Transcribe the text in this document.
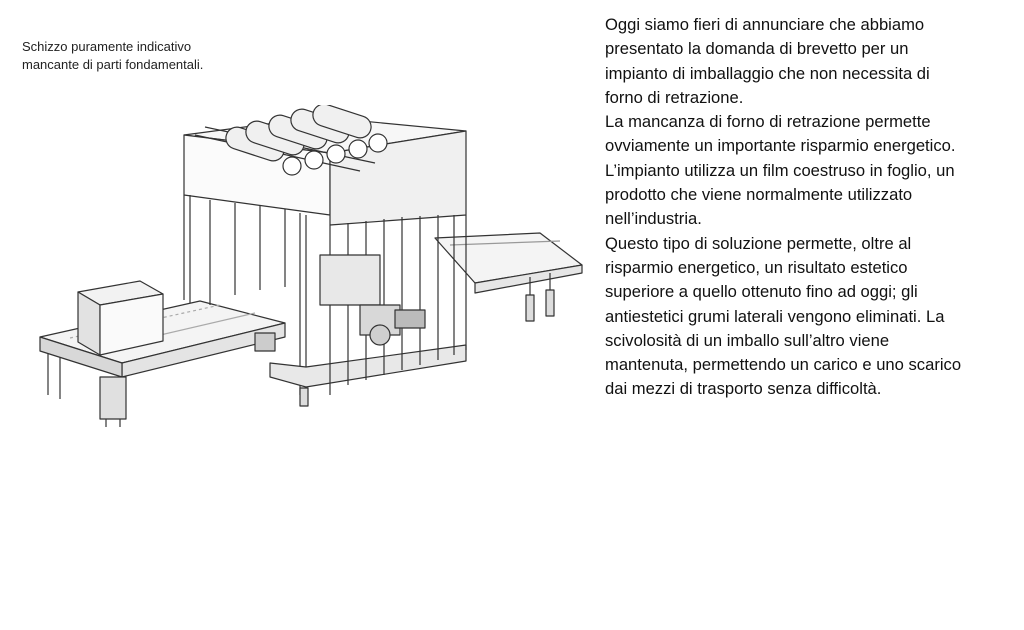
Schizzo puramente indicativo
mancante di parti fondamentali.
Oggi siamo fieri di annunciare che abbiamo
presentato la domanda di brevetto per un
impianto di imballaggio che non necessita di
forno di retrazione.
La mancanza di forno di retrazione permette
ovviamente un importante risparmio energetico.
L’impianto utilizza un film coestruso in foglio, un
prodotto che viene normalmente utilizzato
nell’industria.
Questo tipo di soluzione permette, oltre al
risparmio energetico, un risultato estetico
superiore a quello ottenuto fino ad oggi; gli
antiestetici grumi laterali vengono eliminati. La
scivolosità di un imballo sull’altro viene
mantenuta, permettendo un carico e uno scarico
dai mezzi di trasporto senza difficoltà.
